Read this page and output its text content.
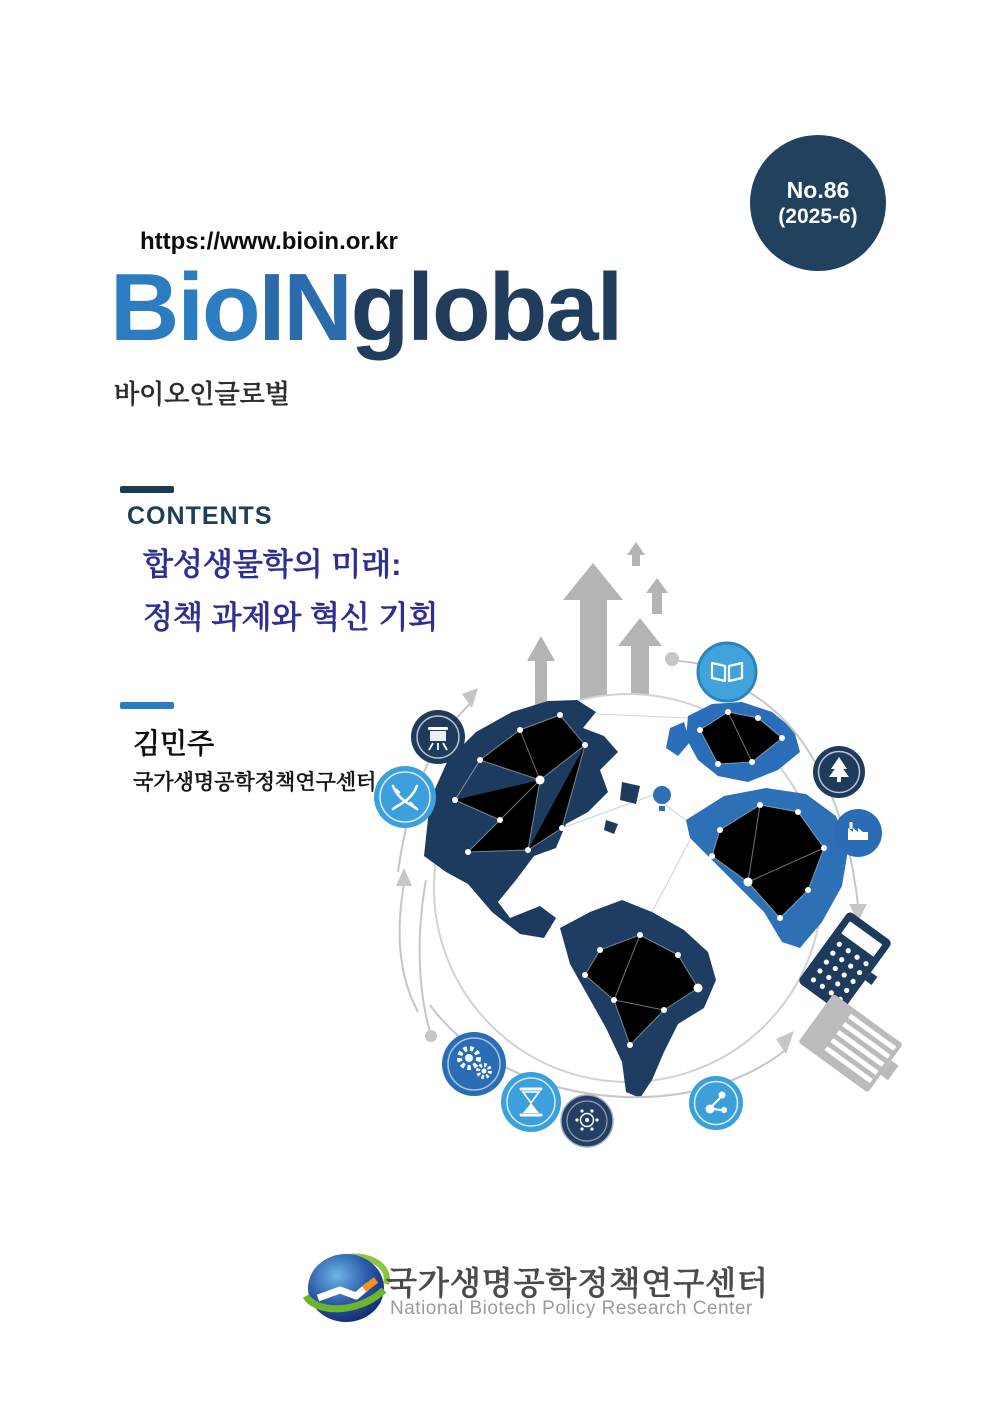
No.86
(2025-6)
https://www.bioin.or.kr
BioINglobal
바이오인글로벌
CONTENTS
합성생물학의 미래:
정책 과제와 혁신 기회
김민주
국가생명공학정책연구센터
국가생명공학정책연구센터
National Biotech Policy Research Center
